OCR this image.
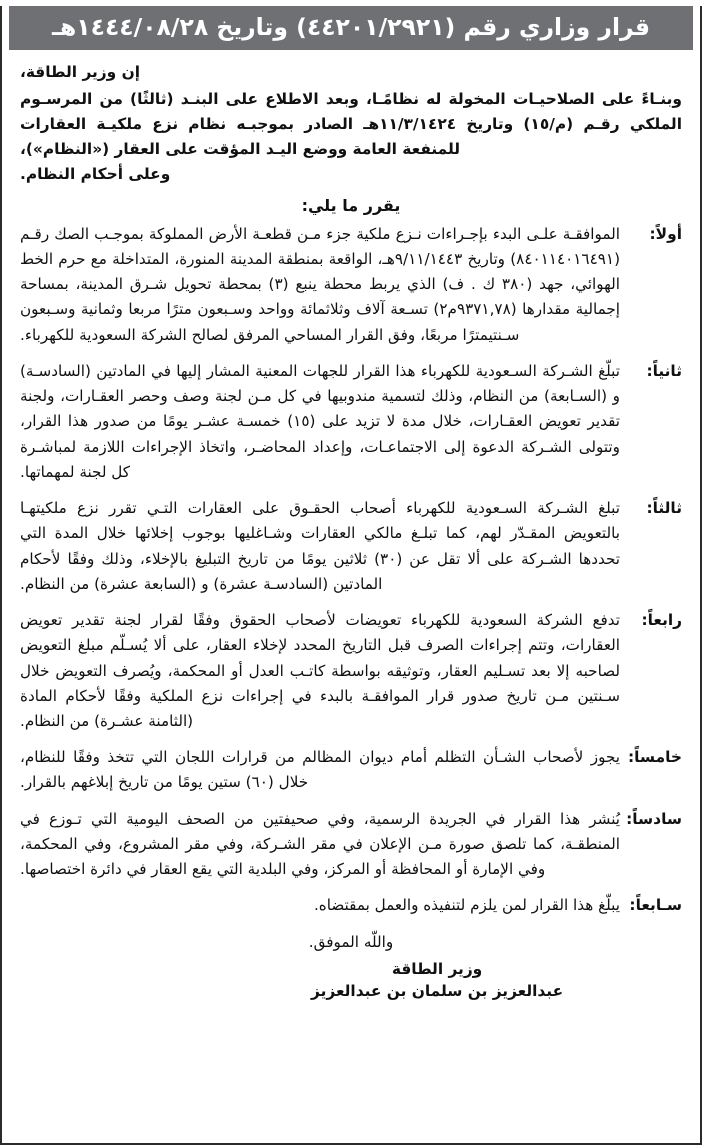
قرار وزاري رقم (٤٤٢٠١/٢٩٢١) وتاريخ ١٤٤٤/٠٨/٢٨هـ
إن وزير الطاقة،
وبنـاءً على الصلاحيـات المخولة له نظامًـا، وبعد الاطلاع على البنـد (ثالثًا) من المرسـوم الملكي رقـم (م/١٥) وتاريخ ١١/٣/١٤٢٤هـ الصادر بموجبـه نظام نزع ملكيـة العقارات للمنفعة العامة ووضع اليـد المؤقت على العقار («النظام»)،
وعلى أحكام النظام.
يقرر ما يلي:
أولاً:
الموافقـة علـى البدء بإجـراءات نـزع ملكية جزء مـن قطعـة الأرض المملوكة بموجـب الصك رقـم (٨٤٠١١٤٠١٦٤٩١) وتاريخ ٩/١١/١٤٤٣هـ، الواقعة بمنطقة المدينة المنورة، المتداخلة مع حرم الخط الهوائي، جهد (٣٨٠ ك . ف) الذي يربط محطة ينبع (٣) بمحطة تحويل شـرق المدينة، بمساحة إجمالية مقدارها (٩٣٧١,٧٨م٢) تسـعة آلاف وثلاثمائة وواحد وسـبعون مترًا مربعا وثمانية وسـبعون سـنتيمترًا مربعًا، وفق القرار المساحي المرفق لصالح الشركة السعودية للكهرباء.
ثانياً:
تبلّغ الشـركة السـعودية للكهرباء هذا القرار للجهات المعنية المشار إليها في المادتين (السادسـة) و (السـابعة) من النظام، وذلك لتسمية مندوبيها في كل مـن لجنة وصف وحصر العقـارات، ولجنة تقدير تعويض العقـارات، خلال مدة لا تزيد على (١٥) خمسـة عشـر يومًا من صدور هذا القرار، وتتولى الشـركة الدعوة إلى الاجتماعـات، وإعداد المحاضـر، واتخاذ الإجراءات اللازمة لمباشـرة كل لجنة لمهماتها.
ثالثاً:
تبلغ الشـركة السـعودية للكهرباء أصحاب الحقـوق على العقارات التـي تقرر نزع ملكيتهـا بالتعويض المقـدّر لهم، كما تبلـغ مالكي العقارات وشـاغليها بوجوب إخلائها خلال المدة التي تحددها الشـركة على ألا تقل عن (٣٠) ثلاثين يومًا من تاريخ التبليغ بالإخلاء، وذلك وفقًا لأحكام المادتين (السادسـة عشرة) و (السابعة عشرة) من النظام.
رابعاً:
تدفع الشركة السعودية للكهرباء تعويضات لأصحاب الحقوق وفقًا لقرار لجنة تقدير تعويض العقارات، وتتم إجراءات الصرف قبل التاريخ المحدد لإخلاء العقار، على ألا يُسـلّم مبلغ التعويض لصاحبه إلا بعد تسـليم العقار، وتوثيقه بواسطة كاتـب العدل أو المحكمة، ويُصرف التعويض خلال سـنتين مـن تاريخ صدور قرار الموافقـة بالبدء في إجراءات نزع الملكية وفقًا لأحكام المادة (الثامنة عشـرة) من النظام.
خامساً:
يجوز لأصحاب الشـأن التظلم أمام ديوان المظالم من قرارات اللجان التي تتخذ وفقًا للنظام، خلال (٦٠) ستين يومًا من تاريخ إبلاغهم بالقرار.
سادساً:
يُنشر هذا القرار في الجريدة الرسمية، وفي صحيفتين من الصحف اليومية التي تـوزع في المنطقـة، كما تلصق صورة مـن الإعلان في مقر الشـركة، وفي مقر المشروع، وفي المحكمة، وفي الإمارة أو المحافظة أو المركز، وفي البلدية التي يقع العقار في دائرة اختصاصها.
سـابعاً:
يبلّغ هذا القرار لمن يلزم لتنفيذه والعمل بمقتضاه.
واللّه الموفق.
وزير الطاقة
عبدالعزيز بن سلمان بن عبدالعزيز
